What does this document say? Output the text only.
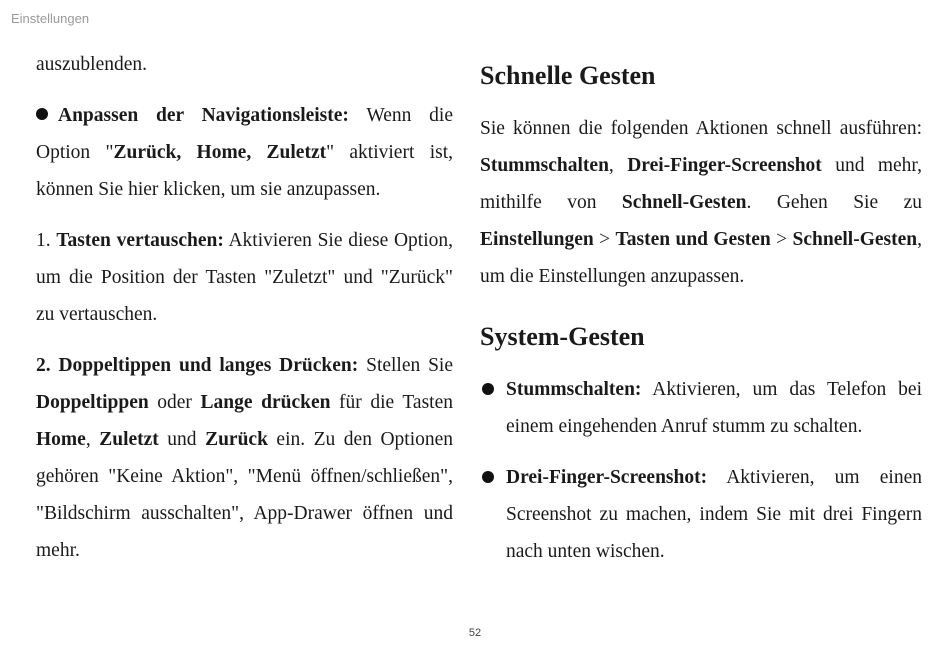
Einstellungen

auszublenden.

Anpassen der Navigationsleiste: Wenn die Option "Zurück, Home, Zuletzt" aktiviert ist, können Sie hier klicken, um sie anzupassen.

1. Tasten vertauschen: Aktivieren Sie diese Option, um die Position der Tasten "Zuletzt" und "Zurück" zu vertauschen.

2. Doppeltippen und langes Drücken: Stellen Sie Doppeltippen oder Lange drücken für die Tasten Home, Zuletzt und Zurück ein. Zu den Optionen gehören "Keine Aktion", "Menü öffnen/schließen", "Bildschirm ausschalten", App-Drawer öffnen und mehr.

Schnelle Gesten

Sie können die folgenden Aktionen schnell ausführen: Stummschalten, Drei-Finger-Screenshot und mehr, mithilfe von Schnell-Gesten. Gehen Sie zu Einstellungen > Tasten und Gesten > Schnell-Gesten, um die Einstellungen anzupassen.

System-Gesten

Stummschalten: Aktivieren, um das Telefon bei einem eingehenden Anruf stumm zu schalten.

Drei-Finger-Screenshot: Aktivieren, um einen Screenshot zu machen, indem Sie mit drei Fingern nach unten wischen.

52
